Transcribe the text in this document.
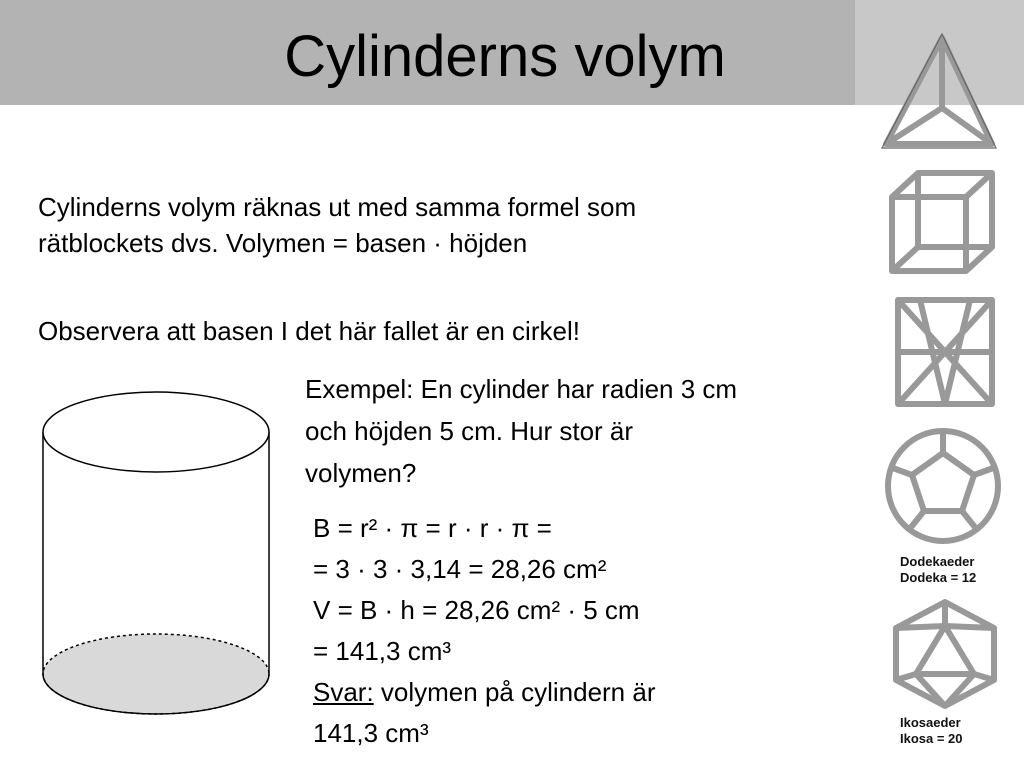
Cylinderns volym
Cylinderns volym räknas ut med samma formel som
rätblockets dvs. Volymen = basen · höjden
Observera att basen I det här fallet är en cirkel!
Exempel: En cylinder har radien 3 cm
och höjden 5 cm. Hur stor är
volymen?
B = r² · π = r · r · π =
= 3 · 3 · 3,14 = 28,26 cm²
V = B · h = 28,26 cm² · 5 cm
= 141,3 cm³
Svar: volymen på cylindern är
141,3 cm³
Dodekaeder
Dodeka = 12
Ikosaeder
Ikosa = 20
